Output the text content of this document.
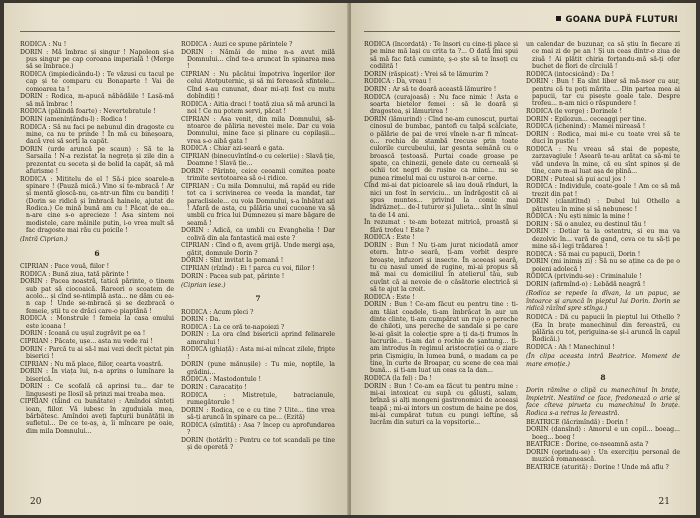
RODICA : Nu !
DORIN : Mă îmbrac și singur ! Napoleon și-a pus singur pe cap coroana imperială ! (Merge să se îmbrace.)
RODICA (impiedicându-l) : Te văzusi cu tacul pe cap și te comparu cu Bonaparte ! Vai de comoarea ta !
DORIN : Rodica, m-apucă năbădăile ! Lasă-mă să mă îmbrac !
RODICA (pălindă foarte) : Nevertebratule !
DORIN (amenințându-l) : Rodica !
RODICA : Să nu faci pe nebunul din dragoste cu mine, ca nu te prinde ! În mă cu bineșoara, dacă vrei să sorți la capăt.
DORIN (urde aruncă pe scaun) : Să te la Sarsaila ! N-a rezistat la negreța și zile din a prezentat cu seceta și de bolid la capăt, să mă afurisme !
RODICA : Mititelu de el ! Să-i pice soarele-n spinare ! (Pauză mică.) Vino si te-mbracă ! Ar și mentă gloscă-nu, ca-ntr-un film cu bandiți ! (Dorin se ridică și îmbracă hainele, ajutat de Rodica.) Ce mină bună am cu ! Păcat de ea... n-are cine s-o aprecieze ! Asa sintem noi modistele, care mâinile putin, i-o vrea mult să fac dragoste mai rău cu poicile !
(Intră Ciprian.)
6
CIPRIAN : Pace vouă, fiilor !
RODICA : Bună ziua, tată părinte !
DORIN : Pacea noastră, tatică părinte, o ținem sub pat să ciocoaică. Rareori o scoatem de acolo... și cînd se-ntimplă asta... ne dăm cu ea-n cap ! Unde se-mbracă și se dezbracă o femeie, știi tu ce drăci care-o piaptănă !
RODICA : Monstrule ! femeia la casa omului este icoana !
DORIN : Icoană cu ușul zugrăvit pe ea !
CIPRIAN : Păcate, ușe... asta nu vede rai !
DORIN : Parcă tu ai să-l mai vezi decît pictat pin biserici !
CIPRIAN : Nu mă place, fiilor, cearta voastră.
DORIN : În viața lui, n-a aprins o lumînare la biserică.
DORIN : Ce scofală că aprinsi tu... dar te lingusesti pe Ilosil să prinzi mai treaba mea.
CIPRIAN (tăind cu bunătate) : Amîndoi sînteți ioan, fiilor. Vă iubesc în zguduiala mea, bărbătesc. Amîndoi aveți fapturii bunătății in sufletul... De ce te-aș, a, îi mîncare pe oaie, dim mila Domnului...
RODICA : Auzi ce spune părintele ?
DORIN : Nămăi de mine n-a avut milă Domnului... cînd te-a aruncat în spinarea mea !
CIPRIAN : Nu păcătui împotriva îngerilor ilor celui Atotputernic, și să mi ferească sfintele... Cînd s-au cununat, doar mi-ați fost cu mutu dobîndiți !
RODICA : Aitia draci ! toată ziua să mă arunci la noi ! Ce nu potem servi, păcat !
CIPRIAN : Asa venit, din mila Domnului, să-ntoarce de păliria nevestei mele. Dar cu voia Domnului, mine face și plinare cu copilașii... vrea s-o aibă gata !
RODICA : Chiar azi-seară e gata.
CIPRIAN (binecuvîntînd-o cu celeriie) : Slavă ție, Doamne ! Slavă ție...
DORIN : Părinte, ceice ceoamii comitea poate trimite sevtotoarea să o-i ridice.
CIPRIAN : Cu mila Domnului, mă rapăd eu ride tot ca i scrivinerea ce veeda la mandat, tar paraclisiele... cu voia Domnului, s-a înbătat azi ! Afară de asta, cu pălăria unei cucoane va să umbli cu frica lui Dumnezeu și mare băgare de seamă !
DORIN : Adică, ca umbli cu Evanghelia ! Dar colivă din ala fantastică mai este ?
CIPRIAN : Cînd o fi, avem grijă. Unde mergi așa, gătit, domnule Dorin ?
DORIN : Sînt invitat la pomană !
CIPRIAN (rîzînd) : Ei ! parca cu voi, fiilor !
DORIN : Pacea sub pat, părinte !
(Ciprian iese.)
7
RODICA : Acum pleci ?
DORIN : Da.
RODICA : La ce oră te-napoiezi ?
DORIN : La ora cînd bisericii aprind felinarele amorului !
RODICA (ghiață) : Asta mi-ai mîncat zilele, fripte !
DORIN (pune mănușile) : Tu mie, noptile, la grădini...
RODICA : Mastodontule !
DORIN : Caracatițo !
RODICA : Mistrețule, batracianule, rumegătorule !
DORIN : Rodica, ce e cu tine ? Uite... tine vrea să-ți aruncă în spinare ca pe... (Ezită)
RODICA (sîmtită) : Asa ? încep cu aprofundarea ?
DORIN (hotărît) : Pentru ce tot scandali pe tine și de operetă ?
20
GOANA DUPĂ FLUTURI
RODICA (încordată) : Te însori cu cine-ți place și pe mine mă lași cu crita ta ?... O dată îmi spui să mă fac fată cuminte, ș-o ște să te însoți cu codilită !
DORIN (răspicat) : Vrei să te lămurim ?
RODICA : Da, vreau !
DORIN : Ar să te doară această lămurire !
RODICA (curajoasă) : Nu face nimic ! Asta e soarta bietelor femei : să le doară și dragostea, și lămurirea !
DORIN (lămurind) : Cînd ne-am cunoscut, purtai cinosul de bumbac, pantofi cu talpă scâlciate, o pălărie de pai de vrei vînele n-ar fi mîncat-o... rochia de stambă trecuse prin toate culorile curcubeului, iar gesnta semănă cu o broască țestoasă. Purtai coade groase pe spate, ca chinezii, genele date cu cerneală și ochii tot negri de rușine ca mine... nu se punea rimelul mai cu usturoi n-ar cerne.
Cînd mi-ai dat picioarele să iau două rînduri, la nici un fost în serviciu... un îndrăgostit că ai spus muntes... privind la comic mai îndrăzneț... de-l tuturor și Julieta... sînt în sînul ta de 14 ani.
În rezumat : te-am botezat mitrică, proastă și fără trofeu ! Este ?
RODICA : Este !
DORIN : Bun ! Nu ți-am jurat niciodată amor etern. Într-o seară, ți-am vorbit despre broaște, infuzori și insecte. În aceeași seară, tu cu nasul umed de rugine, mi-ai propus să mă mai cu domiciliul în atelierul tău, sub cuvînt că ai nevoie de o căsătorie electrică și să te ajut la croit.
RODICA : Este !
DORIN : Bun ! Ce-am făcut eu pentru tine : ti-am tăiat coadele, ti-am îmbrăcat în aur un dinte clinte, ti-am cumpărat un rujo o pereche de chiloți, uns pereche de sandale și pe care le-ai găsit la colecție spre a ți da-ți frumos în lucrurile... ti-am dat o rochie de șantung... ți-am introdus în regimul aristocrației ca o ziare prin Cișmigiu, în lumea bună, o madam ca pe tine, în curte de Broapar, cu scene de cea mai bună... și ți-am luat un ceas ca la dan...
RODICA (la fel) : Da !
DORIN : Bun ! Ce-am ea făcut tu pentru mine : mi-ai intoxicat cu supă cu găluști, salam, brînză și alți mongeni gastronomici de aceeași teapă ; mi-ai intors un costum de haine pe dos, mi-ai cumpărat tutun cu pungi ieftine, să lucrăm din suturi ca la vopsitorie...
un calendar de buzunar, ca să știu în fiecare zi ce mai zi de pe an ! Și un ceas dintr-o ziua de ziuă ! Ai plătit chiria forțandu-mă să-ți ofer buchet de flori de cîrciulă !
RODICA (intocsicând) : Da !
DORIN : Bun ! Ea sînt liber să mă-nsor cu aur, pentru că tu poți mărita ... Din partea mea ai papucii, tar cu pisește goale tale. Despre trofeu... n-am nici o răspundere !
RODICA (le vorge) : Dorinele !
DORIN : Epilozun... ceceaggi per tine.
RODICA (ichenind) : Mamei mireasă !
DORIN : Rodica, mai mi-e cu toate vrei să te duci în pustie !
RODICA : Nu vreau să stai de popește, zarzavagiule ! Aseară te-au arătat ca să-mi te văd undeva în mine, că eu sînt spinos și de tine, care m-ai luat așa de plină...
DORIN : Puteai să pui acul jos !
RODICA : Individule, coate-goale ! Am ce să mă trezit din pat !
DORIN (clanitîtnd) : Dubul lui Othello a pățusteu în mine și să nebunesc !
RODICA : Nu ești nimic la mine !
DORIN : Să o anulez, eu destinul tău !
DORIN : Detiar ta la ostentru, si eu ma va dezolvic în... vară de gand, ceva ce tu să-ți pe mine să-i legi trădarea !
RODICA : Să mai cu papucii, Dorin !
DORIN (mi inimiș zi) : Să nu se aține ca de pe o poieni adolecă !
RODICA (privindu-se) : Criminalule !
DORIN (afirmînd-o) : Lebădă neagră !
(Rodica se repede la dîvan, la un papuc, se întoarce și aruncă în pieptul lui Dorin. Dorin se ridică râzînd spre stînga.)
RODICA : Dă cu papucii în pieptul lui Othello ? (Ea în brațe manechinul din fereastră, cu pălăria cu tot, periguina-se și-i aruncă în capul Rodicăi.)
RODICA : Ah ! Manechinul !
(În clipa aceasta intră Beatrice. Moment de mare emoție.)
8
Dorin rămîne o clipă cu manechinul în brațe, împietrit. Nestiind ce face, fredonează o arie și face cîteva pirueta cu manechinul în brațe. Rodica s-a retras la fereastră.
BEATRICE (lăcrimîndă) : Dorin !
DORIN (dansînd) : Amorul e un copil... boeag... boeg... boeg !
BEATRICE : Dorine, ce-nseamnă asta ?
DORIN (oprindu-se) : Un exercițiu personal de muzică romanească.
BEATRICE (aturită) : Dorine ! Unde mă aflu ?
21
